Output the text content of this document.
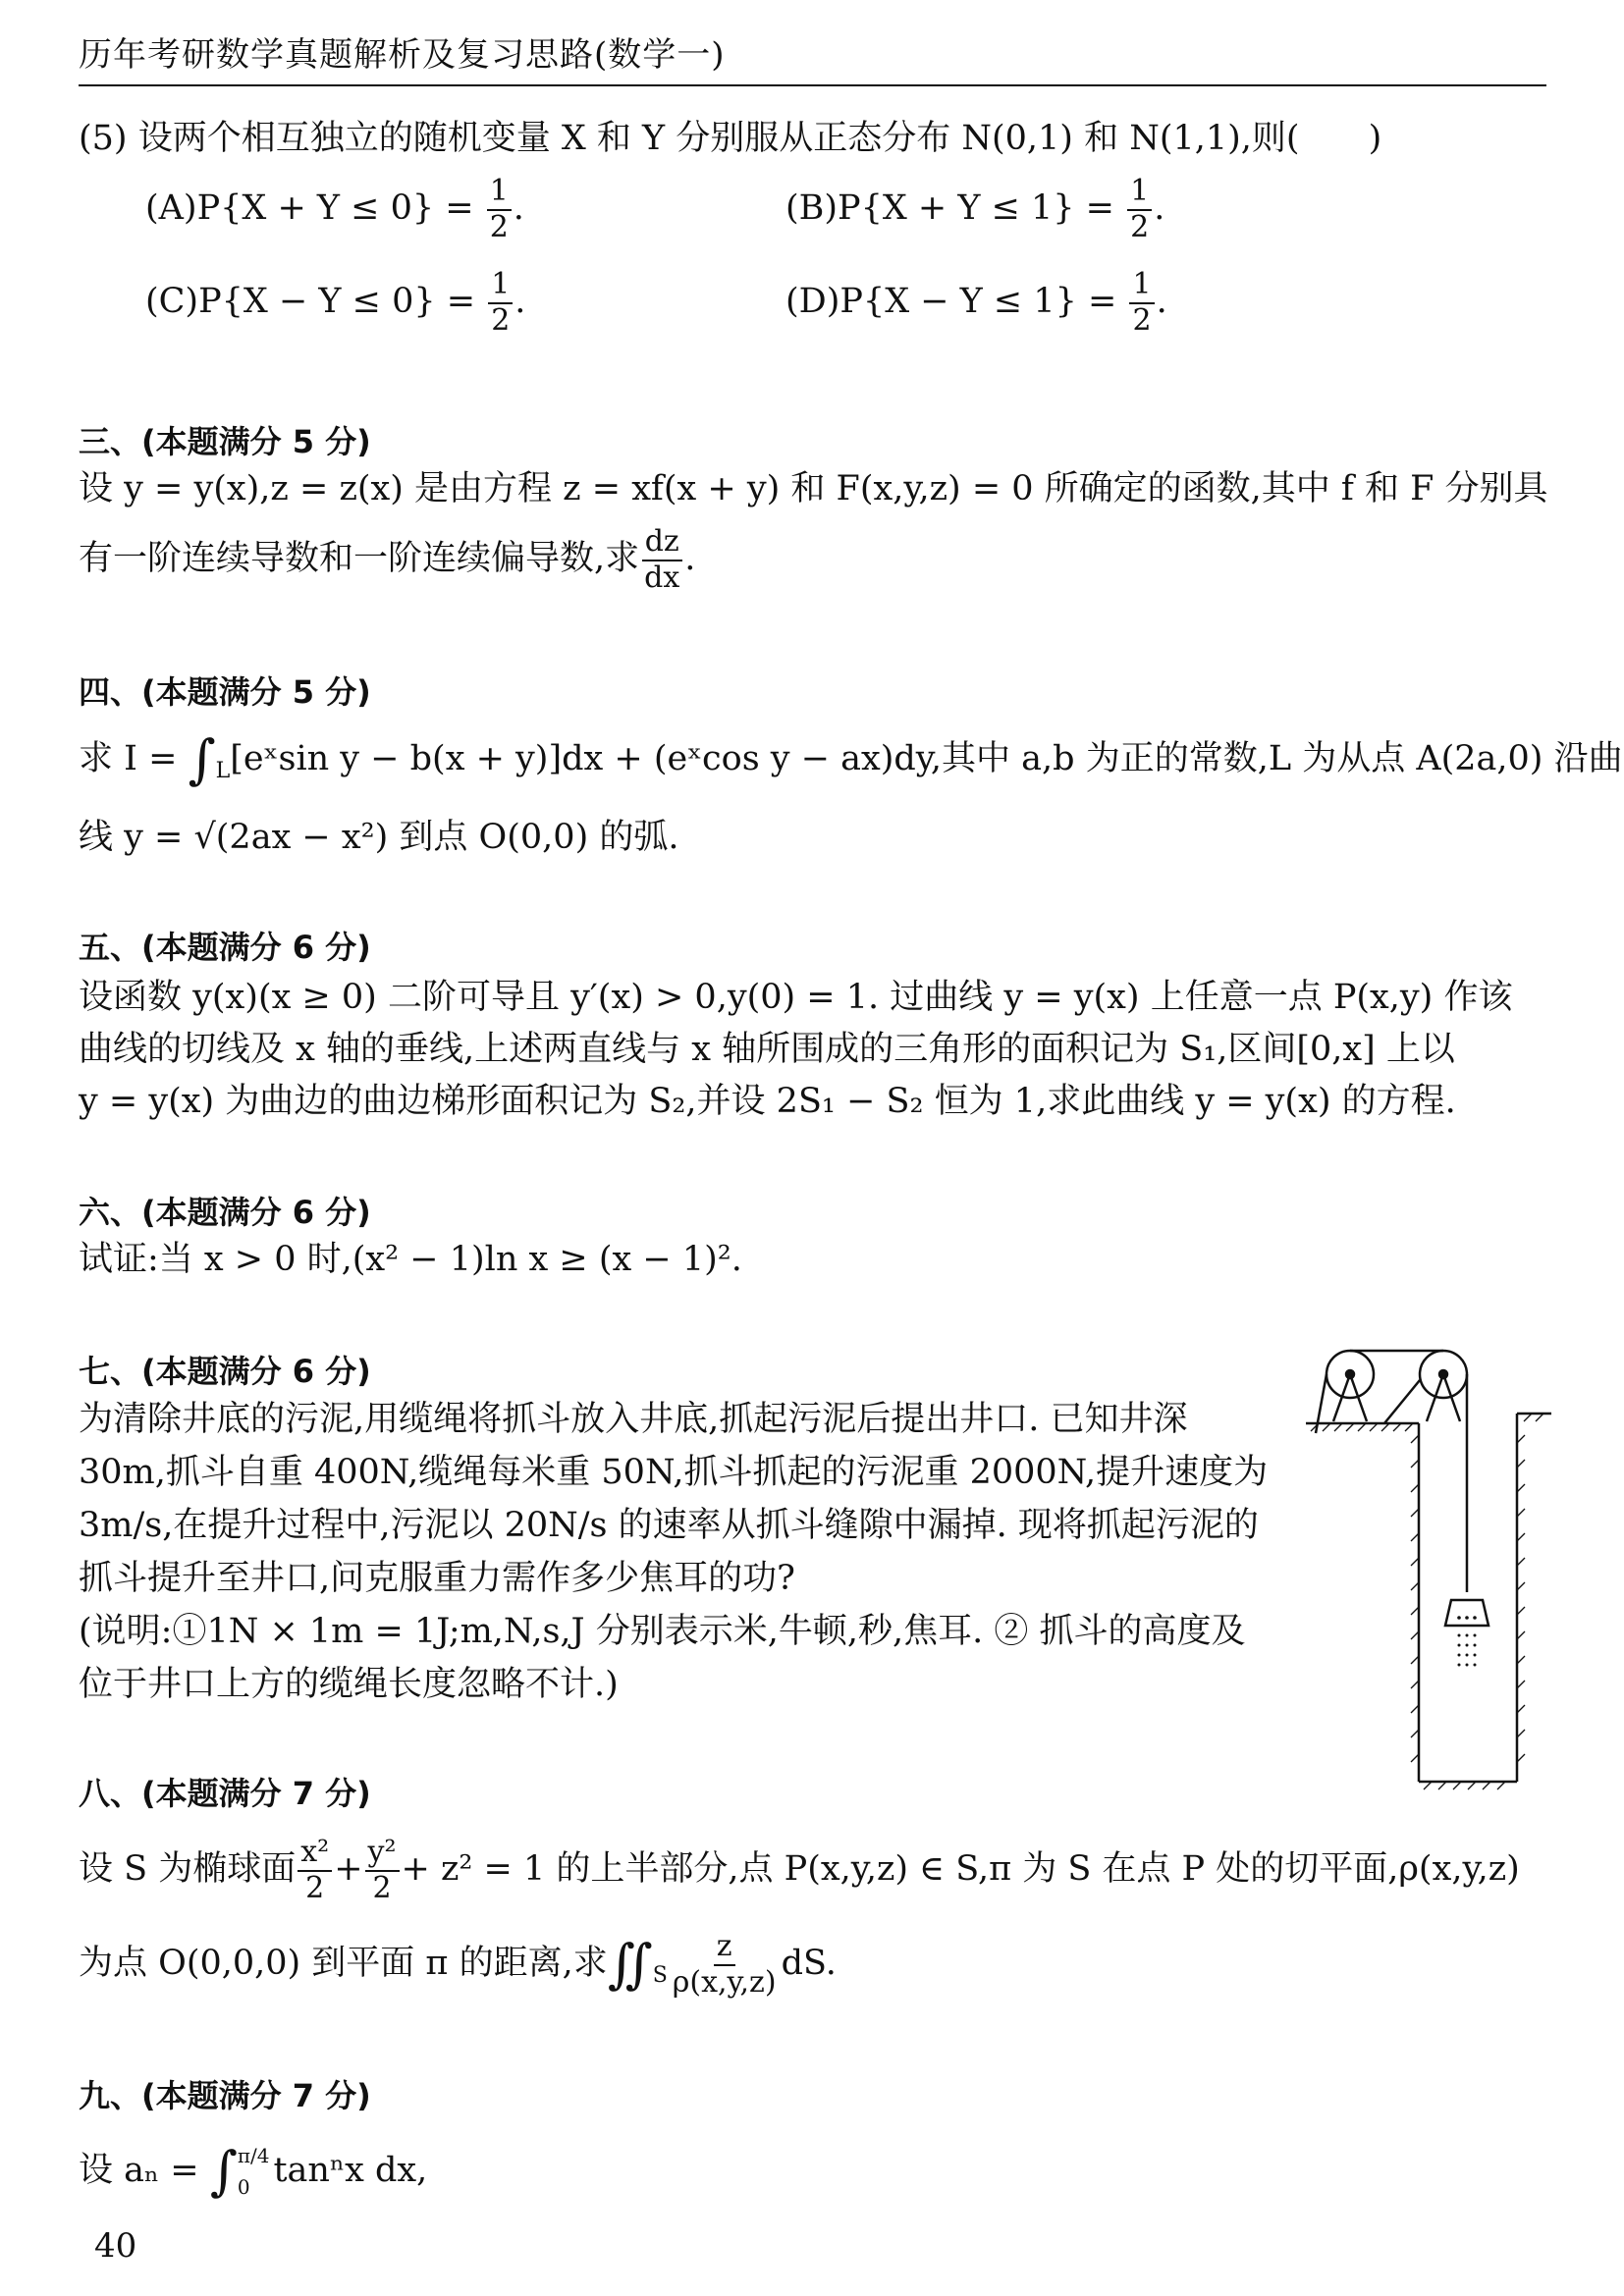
历年考研数学真题解析及复习思路(数学一)
(5) 设两个相互独立的随机变量 X 和 Y 分别服从正态分布 N(0,1) 和 N(1,1),则(　　)
$(A)P\{X + Y \le 0\} = \frac{1}{2}$ .	$(B)P\{X + Y \le 1\} = \frac{1}{2}$ .
$(C)P\{X - Y \le 0\} = \frac{1}{2}$ .	$(D)P\{X - Y \le 1\} = \frac{1}{2}$ .
三、(本题满分 5 分)
设 y = y(x),z = z(x) 是由方程 z = xf(x + y) 和 F(x,y,z) = 0 所确定的函数,其中 f 和 F 分别具
有一阶连续导数和一阶连续偏导数,求 $\frac{dz}{dx}$ .
四、(本题满分 5 分)
求 $I = \int_L[eˣ\sin$ y − b(x + y)]dx + (eˣcos y − ax)dy,其中 a,b 为正的常数,L 为从点 A(2a,0) 沿曲
线 y = √(2ax − x²) 到点 O(0,0) 的弧.
五、(本题满分 6 分)
设函数 y(x)(x ≥ 0) 二阶可导且 y′(x) > 0,y(0) = 1. 过曲线 y = y(x) 上任意一点 P(x,y) 作该
曲线的切线及 x 轴的垂线,上述两直线与 x 轴所围成的三角形的面积记为 S₁,区间[0,x] 上以
y = y(x) 为曲边的曲边梯形面积记为 S₂,并设 2S₁ − S₂ 恒为 1,求此曲线 y = y(x) 的方程.
六、(本题满分 6 分)
试证:当 x > 0 时,(x² − 1)ln x ≥ (x − 1)².
七、(本题满分 6 分)
为清除井底的污泥,用缆绳将抓斗放入井底,抓起污泥后提出井口. 已知井深
30m,抓斗自重 400N,缆绳每米重 50N,抓斗抓起的污泥重 2000N,提升速度为
3m/s,在提升过程中,污泥以 20N/s 的速率从抓斗缝隙中漏掉. 现将抓起污泥的
抓斗提升至井口,问克服重力需作多少焦耳的功?
(说明:①1N × 1m = 1J;m,N,s,J 分别表示米,牛顿,秒,焦耳. ② 抓斗的高度及
位于井口上方的缆绳长度忽略不计.)
八、(本题满分 7 分)
设 S 为椭球面 $\frac{\text{x²}}{2} + \frac{\text{y²}}{2} + z^2 = 1$ 的上半部分,点 P(x,y,z) ∈ S,π 为 S 在点 P 处的切平面,ρ(x,y,z)
为点 O(0,0,0) 到平面 π 的距离,求$∬_S \frac{z}{\rho(x,y,z)}$ dS.
九、(本题满分 7 分)
设 aₙ = ∫ π/4
0 tanⁿx dx,
40
